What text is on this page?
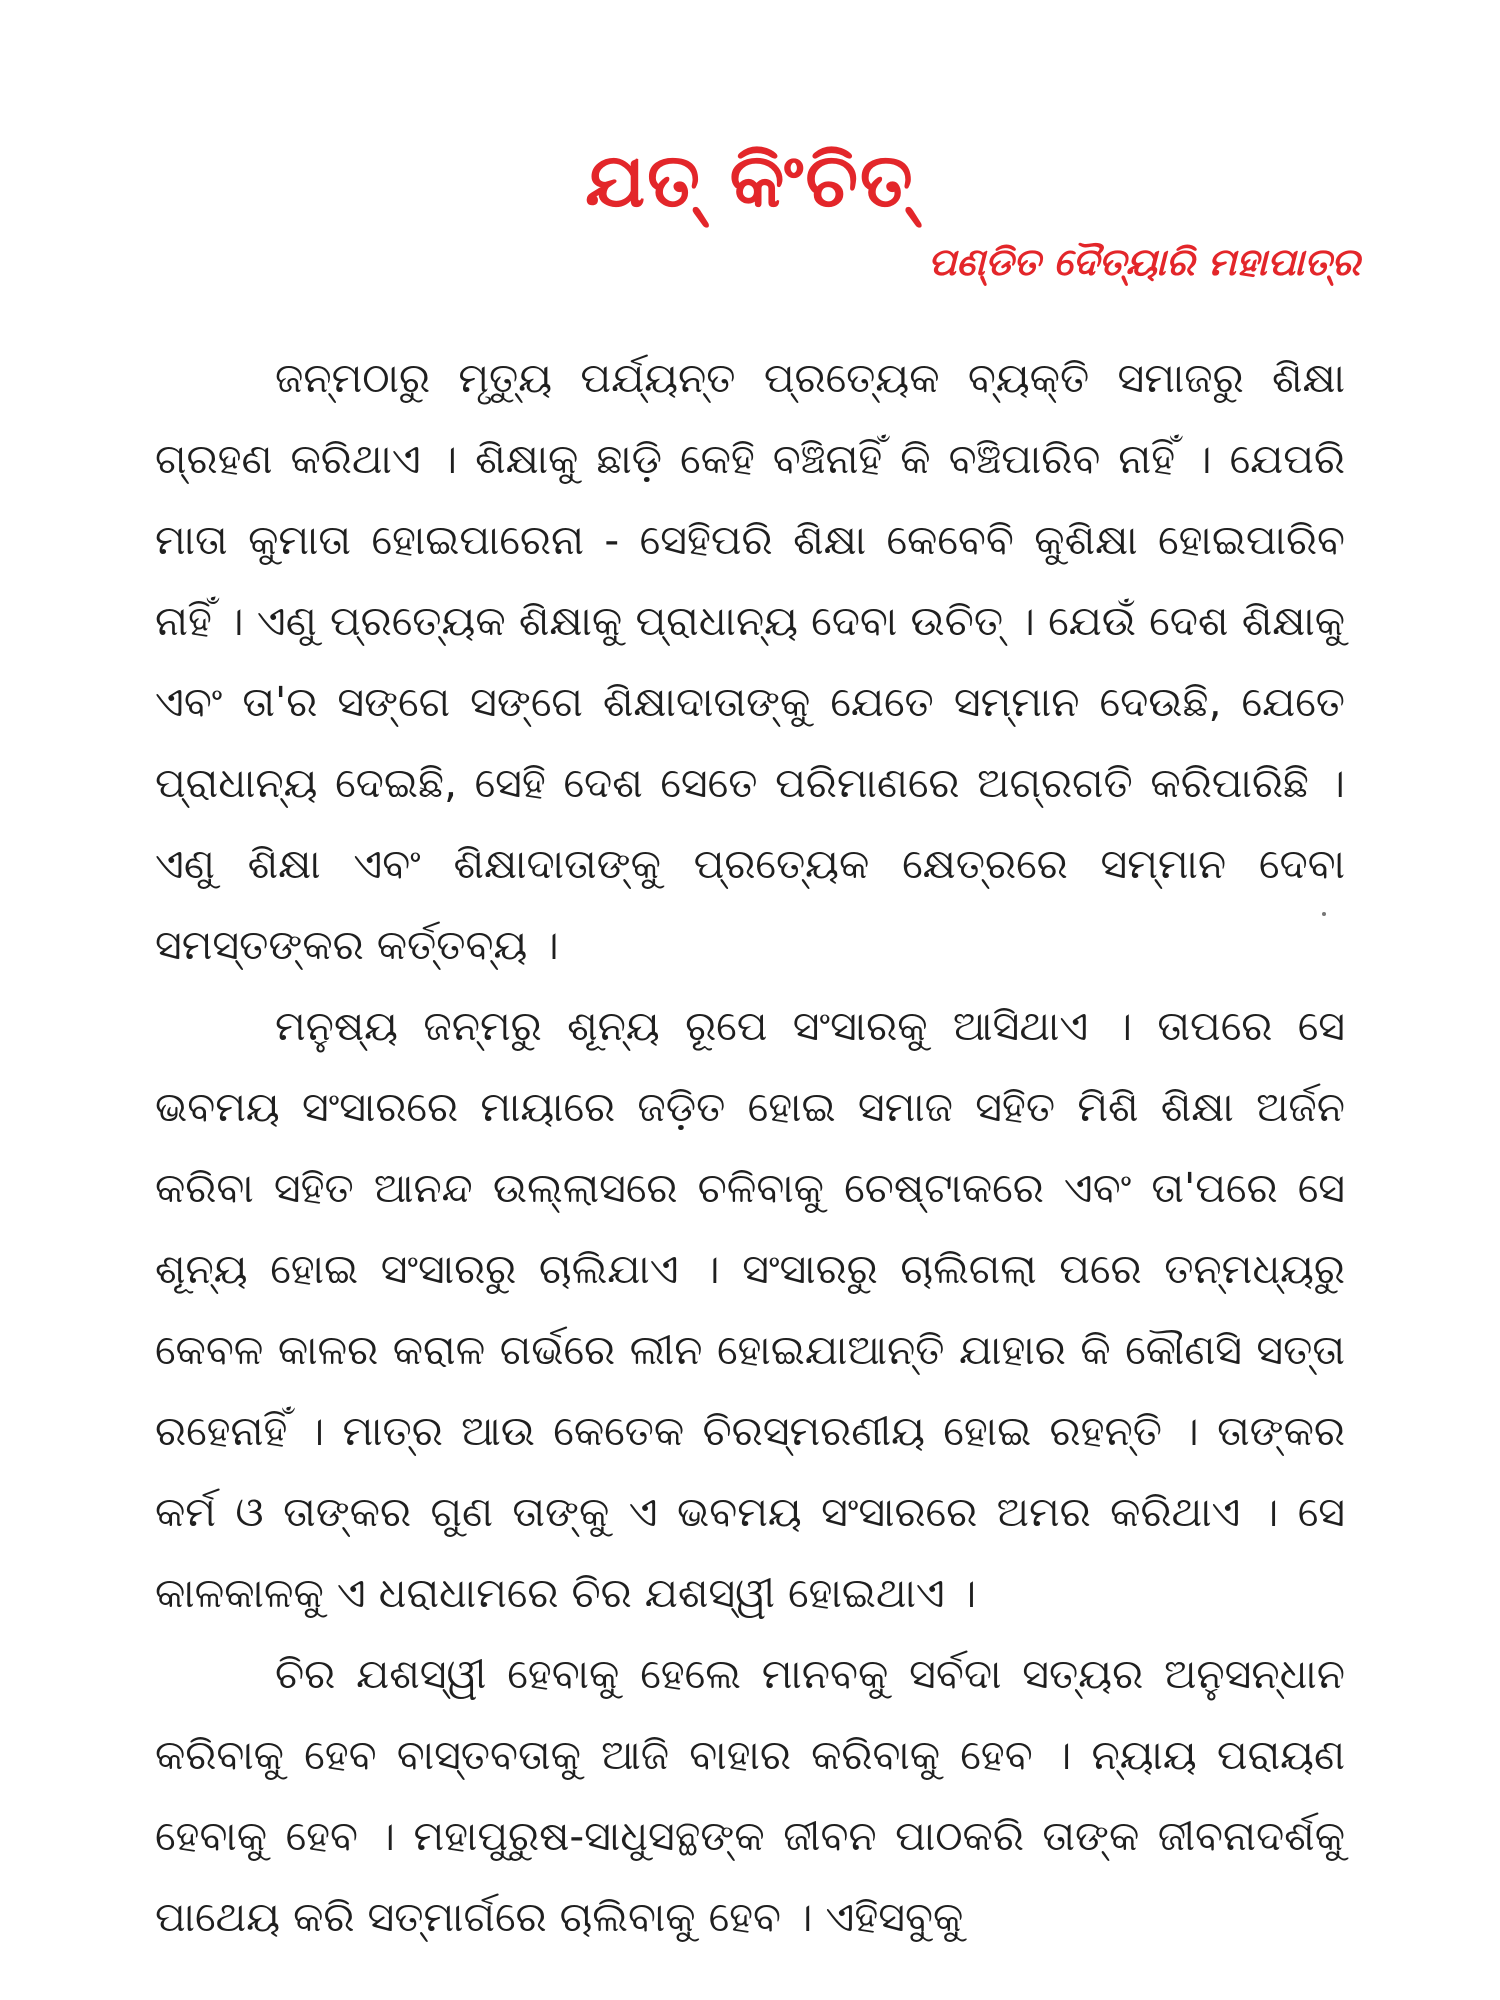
ଯତ୍ କିଂଚିତ୍
ପଣ୍ଡିତ ଦୈତ୍ୟାରି ମହାପାତ୍ର

ଜନ୍ମଠାରୁ ମୃତ୍ୟୁ ପର୍ଯ୍ୟନ୍ତ ପ୍ରତ୍ୟେକ ବ୍ୟକ୍ତି ସମାଜରୁ ଶିକ୍ଷା ଗ୍ରହଣ କରିଥାଏ । ଶିକ୍ଷାକୁ ଛାଡ଼ି କେହି ବଞ୍ଚିନାହିଁ କି ବଞ୍ଚିପାରିବ ନାହିଁ । ଯେପରି ମାତା କୁମାତା ହୋଇପାରେନା - ସେହିପରି ଶିକ୍ଷା କେବେବି କୁଶିକ୍ଷା ହୋଇପାରିବ ନାହିଁ । ଏଣୁ ପ୍ରତ୍ୟେକ ଶିକ୍ଷାକୁ ପ୍ରାଧାନ୍ୟ ଦେବା ଉଚିତ୍ । ଯେଉଁ ଦେଶ ଶିକ୍ଷାକୁ ଏବଂ ତା'ର ସଙ୍ଗେ ସଙ୍ଗେ ଶିକ୍ଷାଦାତାଙ୍କୁ ଯେତେ ସମ୍ମାନ ଦେଉଛି, ଯେତେ ପ୍ରାଧାନ୍ୟ ଦେଇଛି, ସେହି ଦେଶ ସେତେ ପରିମାଣରେ ଅଗ୍ରଗତି କରିପାରିଛି । ଏଣୁ ଶିକ୍ଷା ଏବଂ ଶିକ୍ଷାଦାତାଙ୍କୁ ପ୍ରତ୍ୟେକ କ୍ଷେତ୍ରରେ ସମ୍ମାନ ଦେବା ସମସ୍ତଙ୍କର କର୍ତ୍ତବ୍ୟ ।

ମନୁଷ୍ୟ ଜନ୍ମରୁ ଶୂନ୍ୟ ରୂପେ ସଂସାରକୁ ଆସିଥାଏ । ତାପରେ ସେ ଭବମୟ ସଂସାରରେ ମାୟାରେ ଜଡ଼ିତ ହୋଇ ସମାଜ ସହିତ ମିଶି ଶିକ୍ଷା ଅର୍ଜନ କରିବା ସହିତ ଆନନ୍ଦ ଉଲ୍ଲାସରେ ଚଳିବାକୁ ଚେଷ୍ଟାକରେ ଏବଂ ତା'ପରେ ସେ ଶୂନ୍ୟ ହୋଇ ସଂସାରରୁ ଚାଲିଯାଏ । ସଂସାରରୁ ଚାଲିଗଲା ପରେ ତନ୍ମଧ୍ୟରୁ କେବଳ କାଳର କରାଳ ଗର୍ଭରେ ଲୀନ ହୋଇଯାଆନ୍ତି ଯାହାର କି କୌଣସି ସତ୍ତା ରହେନାହିଁ । ମାତ୍ର ଆଉ କେତେକ ଚିରସ୍ମରଣୀୟ ହୋଇ ରହନ୍ତି । ତାଙ୍କର କର୍ମ ଓ ତାଙ୍କର ଗୁଣ ତାଙ୍କୁ ଏ ଭବମୟ ସଂସାରରେ ଅମର କରିଥାଏ । ସେ କାଳକାଳକୁ ଏ ଧରାଧାମରେ ଚିର ଯଶସ୍ୱୀ ହୋଇଥାଏ ।

ଚିର ଯଶସ୍ୱୀ ହେବାକୁ ହେଲେ ମାନବକୁ ସର୍ବଦା ସତ୍ୟର ଅନୁସନ୍ଧାନ କରିବାକୁ ହେବ ବାସ୍ତବତାକୁ ଆଜି ବାହାର କରିବାକୁ ହେବ । ନ୍ୟାୟ ପରାୟଣ ହେବାକୁ ହେବ । ମହାପୁରୁଷ-ସାଧୁସନ୍ଥଙ୍କ ଜୀବନ ପାଠକରି ତାଙ୍କ ଜୀବନାଦର୍ଶକୁ ପାଥେୟ କରି ସତ୍ମାର୍ଗରେ ଚାଲିବାକୁ ହେବ । ଏହିସବୁକୁ
